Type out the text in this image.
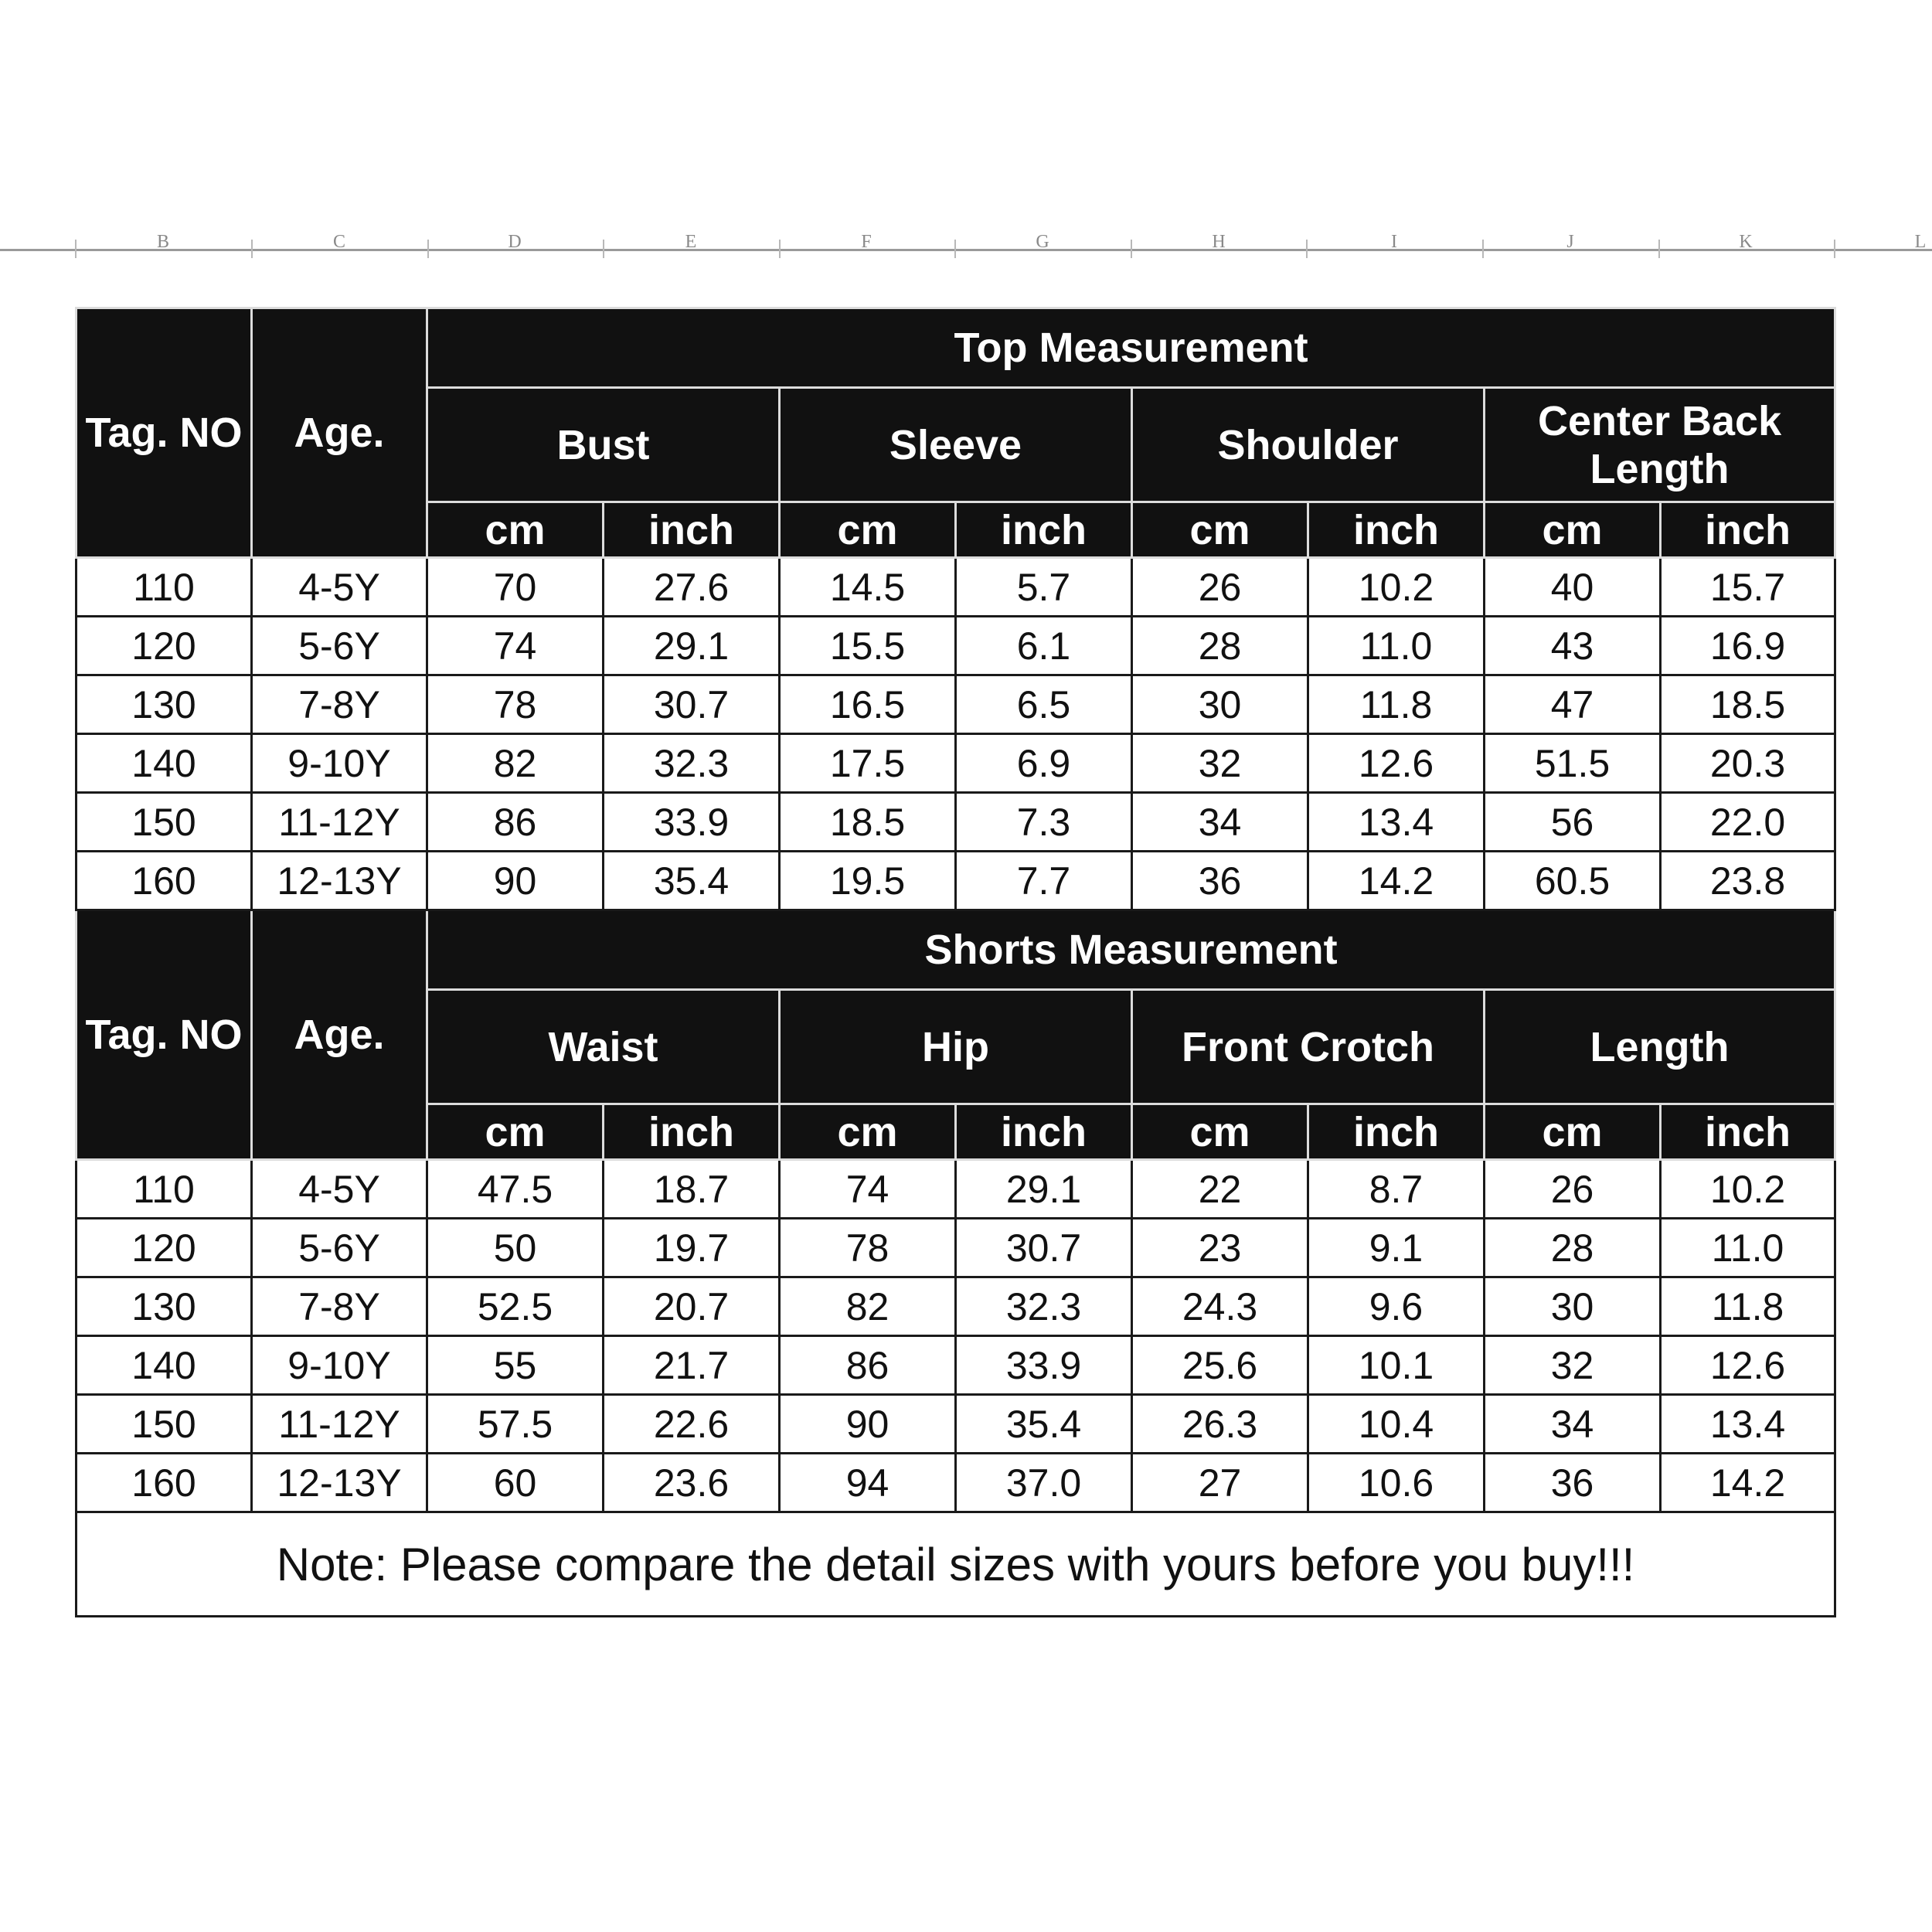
B	C	D	E	F	G	H	I	J	K	L
Tag. NO	Age.	Top Measurement							
		Bust		Sleeve		Shoulder		Center Back Length	
		cm	inch	cm	inch	cm	inch	cm	inch
110	4-5Y	70	27.6	14.5	5.7	26	10.2	40	15.7
120	5-6Y	74	29.1	15.5	6.1	28	11.0	43	16.9
130	7-8Y	78	30.7	16.5	6.5	30	11.8	47	18.5
140	9-10Y	82	32.3	17.5	6.9	32	12.6	51.5	20.3
150	11-12Y	86	33.9	18.5	7.3	34	13.4	56	22.0
160	12-13Y	90	35.4	19.5	7.7	36	14.2	60.5	23.8
Tag. NO	Age.	Shorts Measurement							
		Waist		Hip		Front Crotch		Length	
		cm	inch	cm	inch	cm	inch	cm	inch
110	4-5Y	47.5	18.7	74	29.1	22	8.7	26	10.2
120	5-6Y	50	19.7	78	30.7	23	9.1	28	11.0
130	7-8Y	52.5	20.7	82	32.3	24.3	9.6	30	11.8
140	9-10Y	55	21.7	86	33.9	25.6	10.1	32	12.6
150	11-12Y	57.5	22.6	90	35.4	26.3	10.4	34	13.4
160	12-13Y	60	23.6	94	37.0	27	10.6	36	14.2
Note: Please compare the detail sizes with yours before you buy!!!									
